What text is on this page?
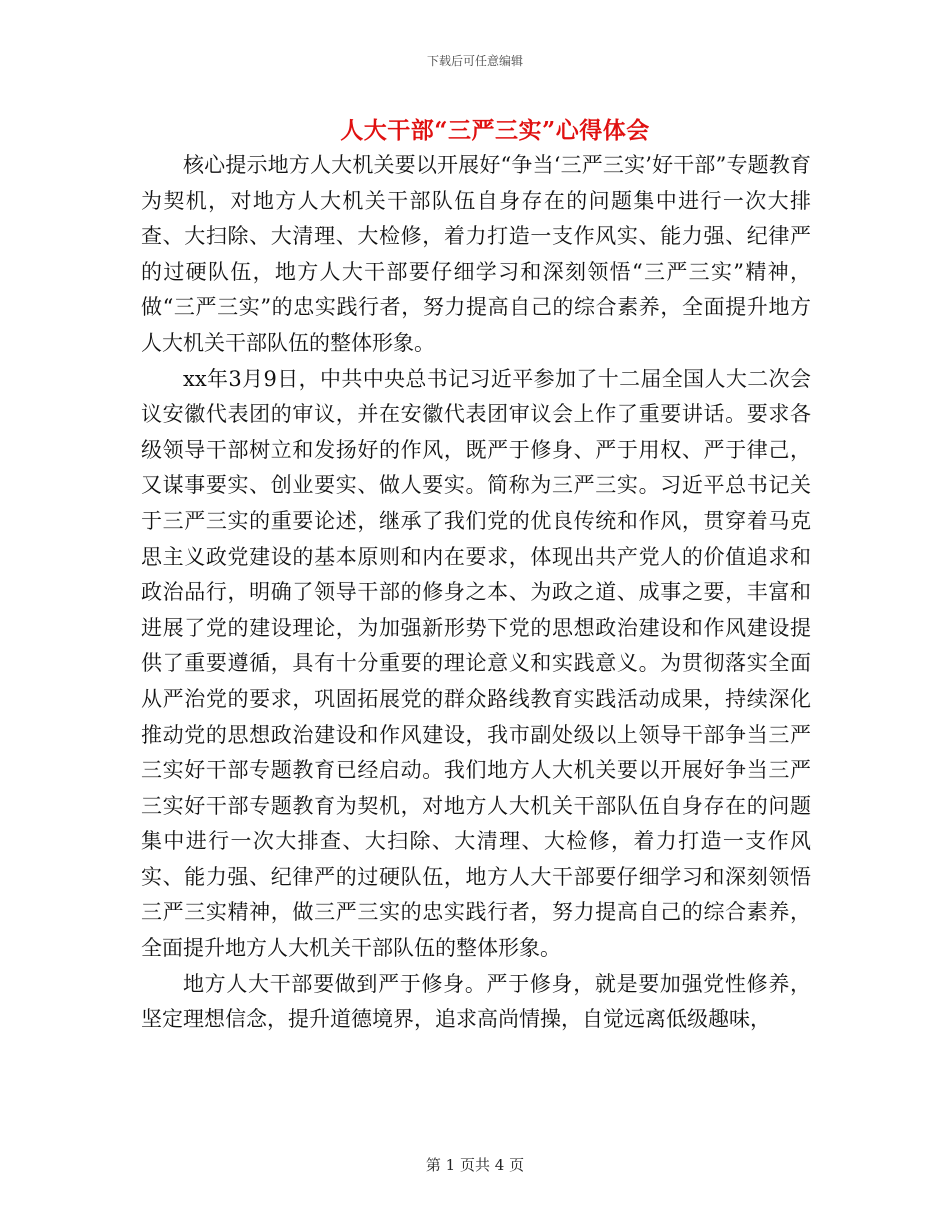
下载后可任意编辑
人大干部“三严三实”心得体会

核心提示地方人大机关要以开展好“争当‘三严三实’好干部”专题教育为契机，对地方人大机关干部队伍自身存在的问题集中进行一次大排查、大扫除、大清理、大检修，着力打造一支作风实、能力强、纪律严的过硬队伍，地方人大干部要仔细学习和深刻领悟“三严三实”精神，做“三严三实”的忠实践行者，努力提高自己的综合素养，全面提升地方人大机关干部队伍的整体形象。

xx年3月9日，中共中央总书记习近平参加了十二届全国人大二次会议安徽代表团的审议，并在安徽代表团审议会上作了重要讲话。要求各级领导干部树立和发扬好的作风，既严于修身、严于用权、严于律己，又谋事要实、创业要实、做人要实。简称为三严三实。习近平总书记关于三严三实的重要论述，继承了我们党的优良传统和作风，贯穿着马克思主义政党建设的基本原则和内在要求，体现出共产党人的价值追求和政治品行，明确了领导干部的修身之本、为政之道、成事之要，丰富和进展了党的建设理论，为加强新形势下党的思想政治建设和作风建设提供了重要遵循，具有十分重要的理论意义和实践意义。为贯彻落实全面从严治党的要求，巩固拓展党的群众路线教育实践活动成果，持续深化推动党的思想政治建设和作风建设，我市副处级以上领导干部争当三严三实好干部专题教育已经启动。我们地方人大机关要以开展好争当三严三实好干部专题教育为契机，对地方人大机关干部队伍自身存在的问题集中进行一次大排查、大扫除、大清理、大检修，着力打造一支作风实、能力强、纪律严的过硬队伍，地方人大干部要仔细学习和深刻领悟三严三实精神，做三严三实的忠实践行者，努力提高自己的综合素养，全面提升地方人大机关干部队伍的整体形象。

地方人大干部要做到严于修身。严于修身，就是要加强党性修养，坚定理想信念，提升道德境界，追求高尚情操，自觉远离低级趣味，

第 1 页共 4 页
